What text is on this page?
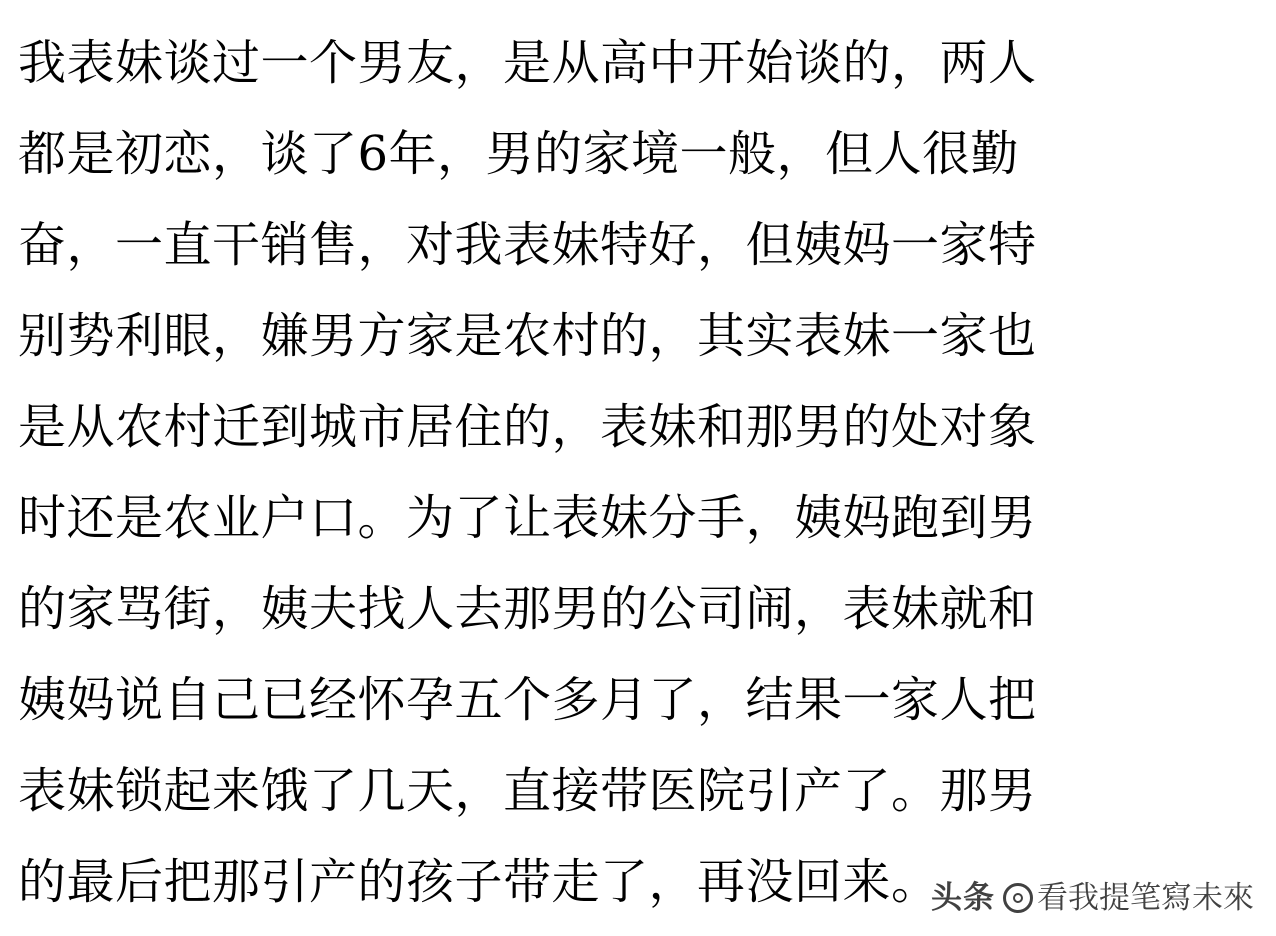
我表妹谈过一个男友，是从高中开始谈的，两人
都是初恋，谈了6年，男的家境一般，但人很勤
奋，一直干销售，对我表妹特好，但姨妈一家特
别势利眼，嫌男方家是农村的，其实表妹一家也
是从农村迁到城市居住的，表妹和那男的处对象
时还是农业户口。为了让表妹分手，姨妈跑到男
的家骂街，姨夫找人去那男的公司闹，表妹就和
姨妈说自己已经怀孕五个多月了，结果一家人把
表妹锁起来饿了几天，直接带医院引产了。那男
的最后把那引产的孩子带走了，再没回来。
头条 看我提笔寫未來
